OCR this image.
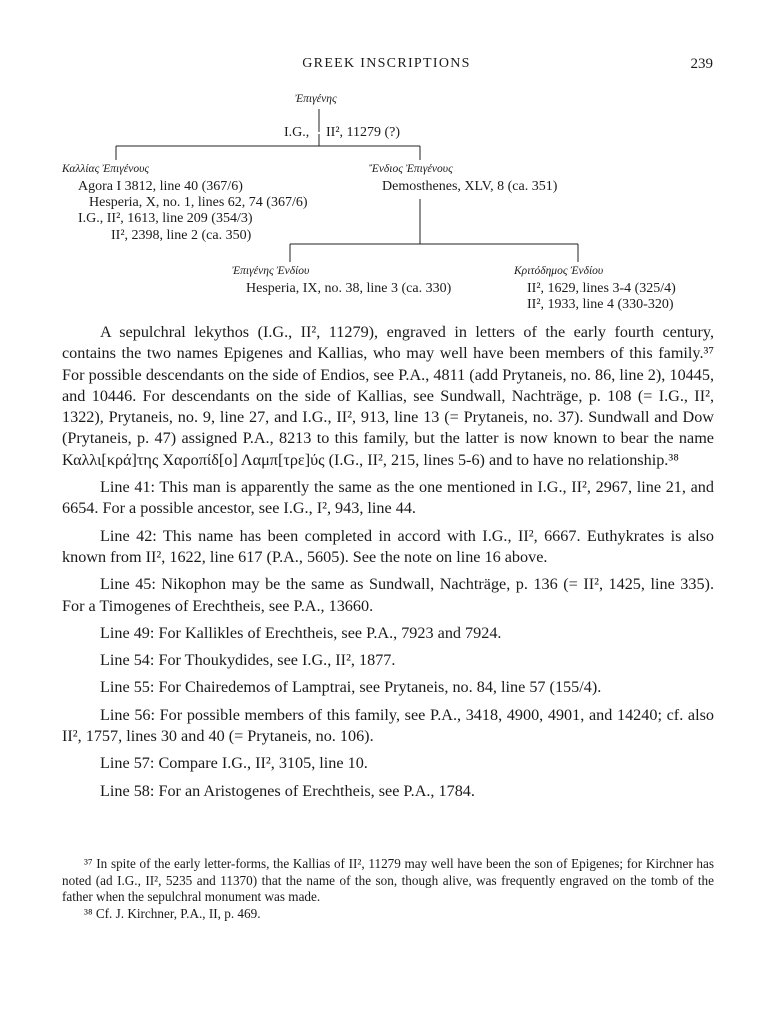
GREEK INSCRIPTIONS	239
Ἐπιγένης
I.G., II², 11279 (?)
Καλλίας Ἐπιγένους
Agora I 3812, line 40 (367/6)
Hesperia, X, no. 1, lines 62, 74 (367/6)
I.G., II², 1613, line 209 (354/3)
II², 2398, line 2 (ca. 350)
Ἔνδιος Ἐπιγένους
Demosthenes, XLV, 8 (ca. 351)
Ἐπιγένης Ἐνδίου
Hesperia, IX, no. 38, line 3 (ca. 330)
Κριτόδημος Ἐνδίου
II², 1629, lines 3-4 (325/4)
II², 1933, line 4 (330-320)

A sepulchral lekythos (I.G., II², 11279), engraved in letters of the early fourth century, contains the two names Epigenes and Kallias, who may well have been members of this family.³⁷ For possible descendants on the side of Endios, see P.A., 4811 (add Prytaneis, no. 86, line 2), 10445, and 10446. For descendants on the side of Kallias, see Sundwall, Nachträge, p. 108 (= I.G., II², 1322), Prytaneis, no. 9, line 27, and I.G., II², 913, line 13 (= Prytaneis, no. 37). Sundwall and Dow (Prytaneis, p. 47) assigned P.A., 8213 to this family, but the latter is now known to bear the name Καλλι[κρά]της Χαροπίδ[ο] Λαμπ[τρε]ύς (I.G., II², 215, lines 5-6) and to have no relationship.³⁸

Line 41: This man is apparently the same as the one mentioned in I.G., II², 2967, line 21, and 6654. For a possible ancestor, see I.G., I², 943, line 44.

Line 42: This name has been completed in accord with I.G., II², 6667. Euthykrates is also known from II², 1622, line 617 (P.A., 5605). See the note on line 16 above.

Line 45: Nikophon may be the same as Sundwall, Nachträge, p. 136 (= II², 1425, line 335). For a Timogenes of Erechtheis, see P.A., 13660.

Line 49: For Kallikles of Erechtheis, see P.A., 7923 and 7924.

Line 54: For Thoukydides, see I.G., II², 1877.

Line 55: For Chairedemos of Lamptrai, see Prytaneis, no. 84, line 57 (155/4).

Line 56: For possible members of this family, see P.A., 3418, 4900, 4901, and 14240; cf. also II², 1757, lines 30 and 40 (= Prytaneis, no. 106).

Line 57: Compare I.G., II², 3105, line 10.

Line 58: For an Aristogenes of Erechtheis, see P.A., 1784.

³⁷ In spite of the early letter-forms, the Kallias of II², 11279 may well have been the son of Epigenes; for Kirchner has noted (ad I.G., II², 5235 and 11370) that the name of the son, though alive, was frequently engraved on the tomb of the father when the sepulchral monument was made.

³⁸ Cf. J. Kirchner, P.A., II, p. 469.
